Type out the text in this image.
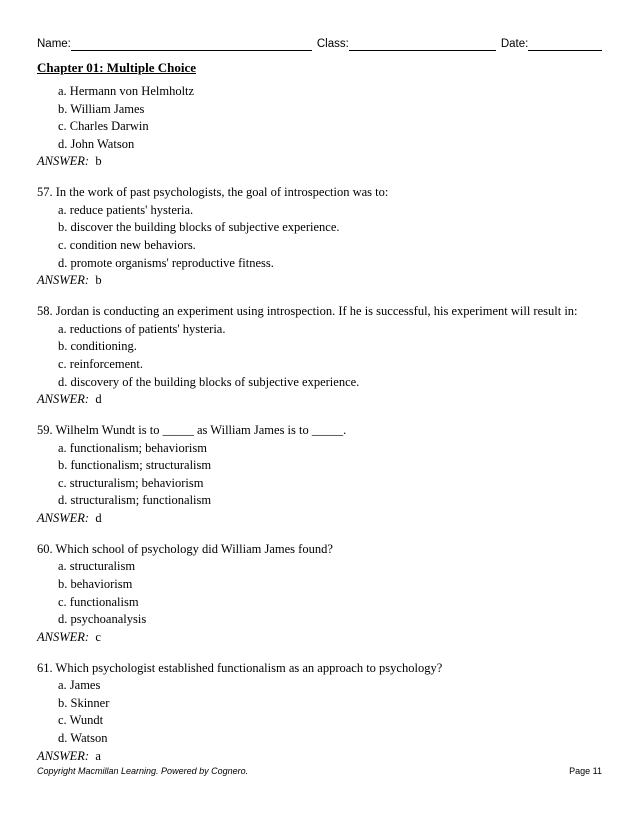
Name:	Class:	Date:
Chapter 01: Multiple Choice
a. Hermann von Helmholtz
b. William James
c. Charles Darwin
d. John Watson
ANSWER: b
57. In the work of past psychologists, the goal of introspection was to:
a. reduce patients' hysteria.
b. discover the building blocks of subjective experience.
c. condition new behaviors.
d. promote organisms' reproductive fitness.
ANSWER: b
58. Jordan is conducting an experiment using introspection. If he is successful, his experiment will result in:
a. reductions of patients' hysteria.
b. conditioning.
c. reinforcement.
d. discovery of the building blocks of subjective experience.
ANSWER: d
59. Wilhelm Wundt is to _____ as William James is to _____.
a. functionalism; behaviorism
b. functionalism; structuralism
c. structuralism; behaviorism
d. structuralism; functionalism
ANSWER: d
60. Which school of psychology did William James found?
a. structuralism
b. behaviorism
c. functionalism
d. psychoanalysis
ANSWER: c
61. Which psychologist established functionalism as an approach to psychology?
a. James
b. Skinner
c. Wundt
d. Watson
ANSWER: a
Copyright Macmillan Learning. Powered by Cognero.	Page 11
